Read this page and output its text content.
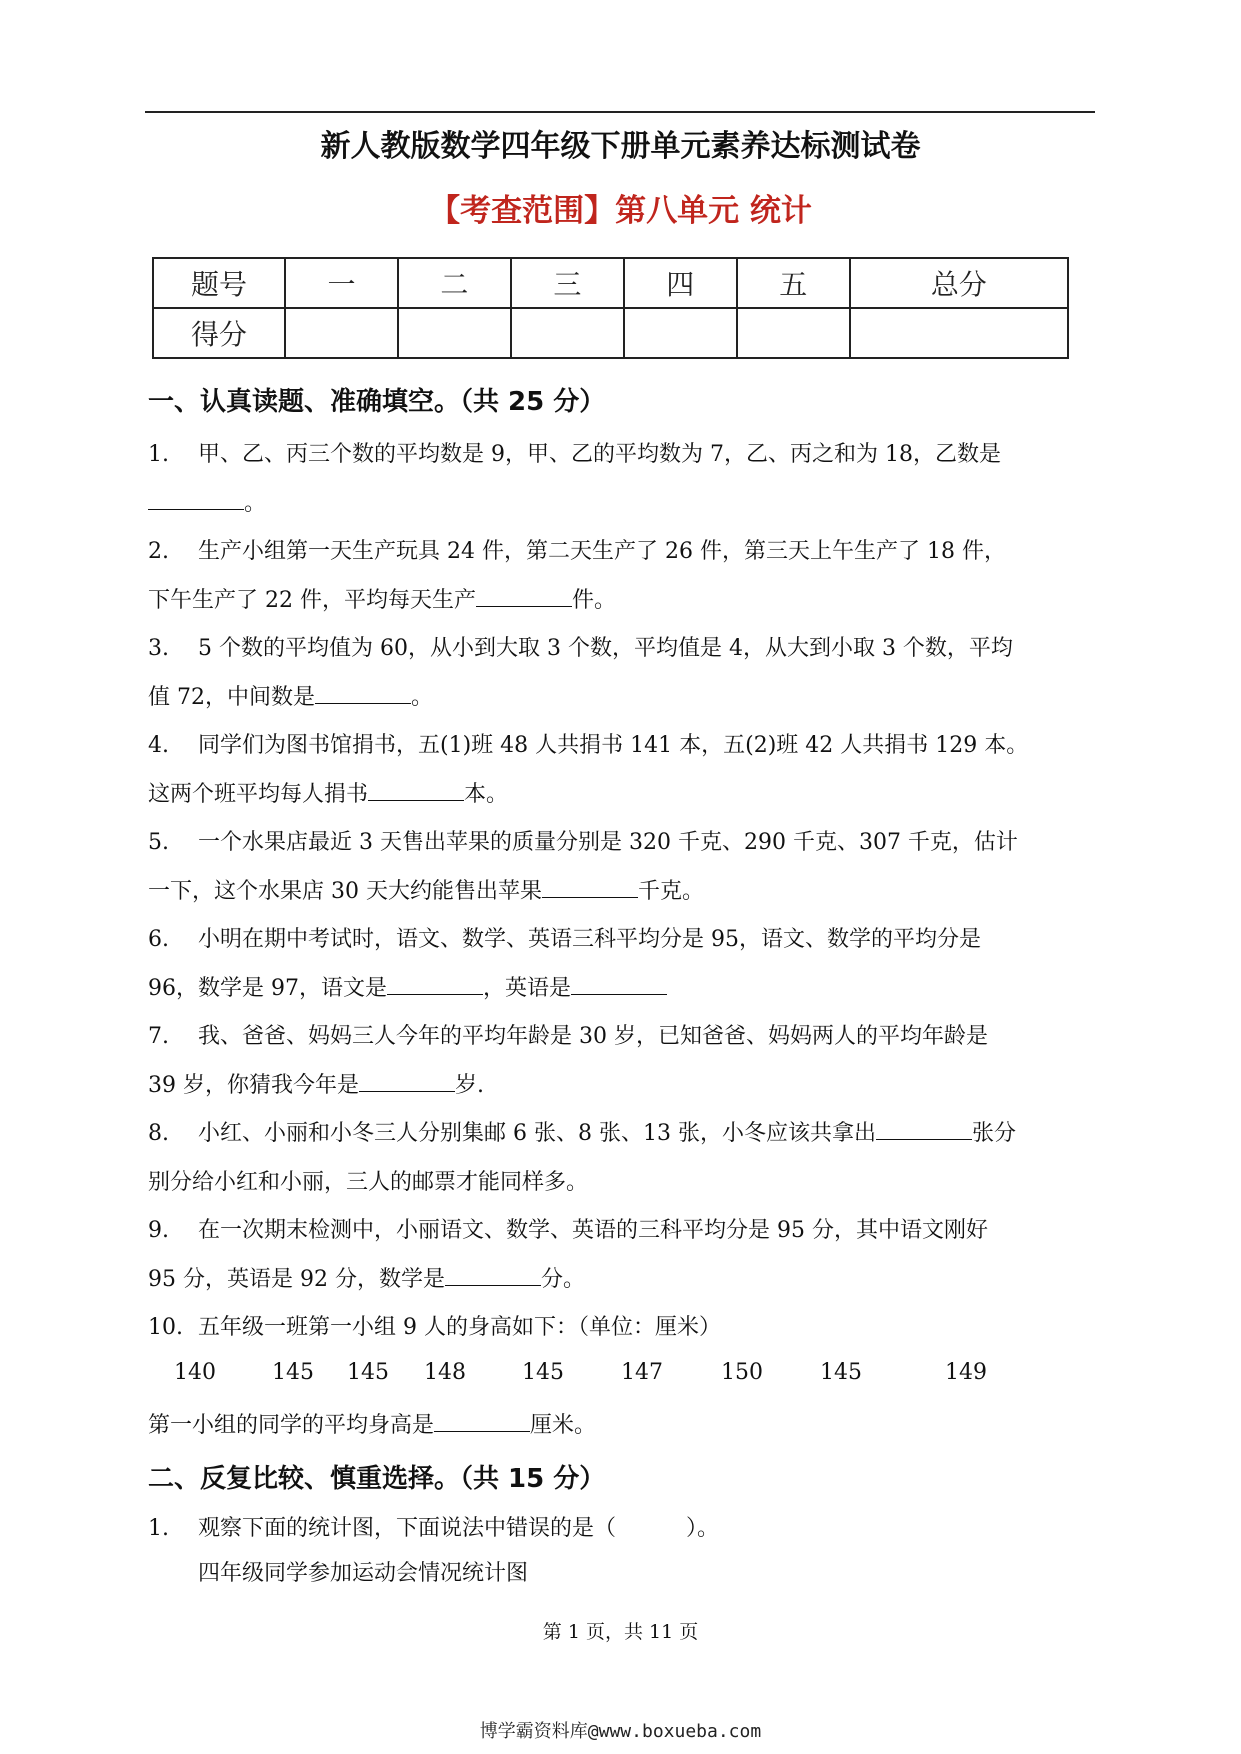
新人教版数学四年级下册单元素养达标测试卷
【考查范围】第八单元 统计
题号	一	二	三	四	五	总分
得分						
一、认真读题、准确填空。（共 25 分）
1. 甲、乙、丙三个数的平均数是 9，甲、乙的平均数为 7，乙、丙之和为 18，乙数是
。
2. 生产小组第一天生产玩具 24 件，第二天生产了 26 件，第三天上午生产了 18 件，
下午生产了 22 件，平均每天生产	件。
3. 5 个数的平均值为 60，从小到大取 3 个数，平均值是 4，从大到小取 3 个数，平均
值 72，中间数是	。
4. 同学们为图书馆捐书，五(1)班 48 人共捐书 141 本，五(2)班 42 人共捐书 129 本。
这两个班平均每人捐书	本。
5. 一个水果店最近 3 天售出苹果的质量分别是 320 千克、290 千克、307 千克，估计
一下，这个水果店 30 天大约能售出苹果	千克。
6. 小明在期中考试时，语文、数学、英语三科平均分是 95，语文、数学的平均分是
96，数学是 97，语文是	，英语是
7. 我、爸爸、妈妈三人今年的平均年龄是 30 岁，已知爸爸、妈妈两人的平均年龄是
39 岁，你猜我今年是	岁.
8. 小红、小丽和小冬三人分别集邮 6 张、8 张、13 张，小冬应该共拿出	张分
别分给小红和小丽，三人的邮票才能同样多。
9. 在一次期末检测中，小丽语文、数学、英语的三科平均分是 95 分，其中语文刚好
95 分，英语是 92 分，数学是	分。
10. 五年级一班第一小组 9 人的身高如下：（单位：厘米）
140	145 145 148	145	147	150	145	149
第一小组的同学的平均身高是	厘米。
二、反复比较、慎重选择。（共 15 分）
1. 观察下面的统计图，下面说法中错误的是（	）。
四年级同学参加运动会情况统计图
第 1 页，共 11 页
博学霸资料库@www.boxueba.com
